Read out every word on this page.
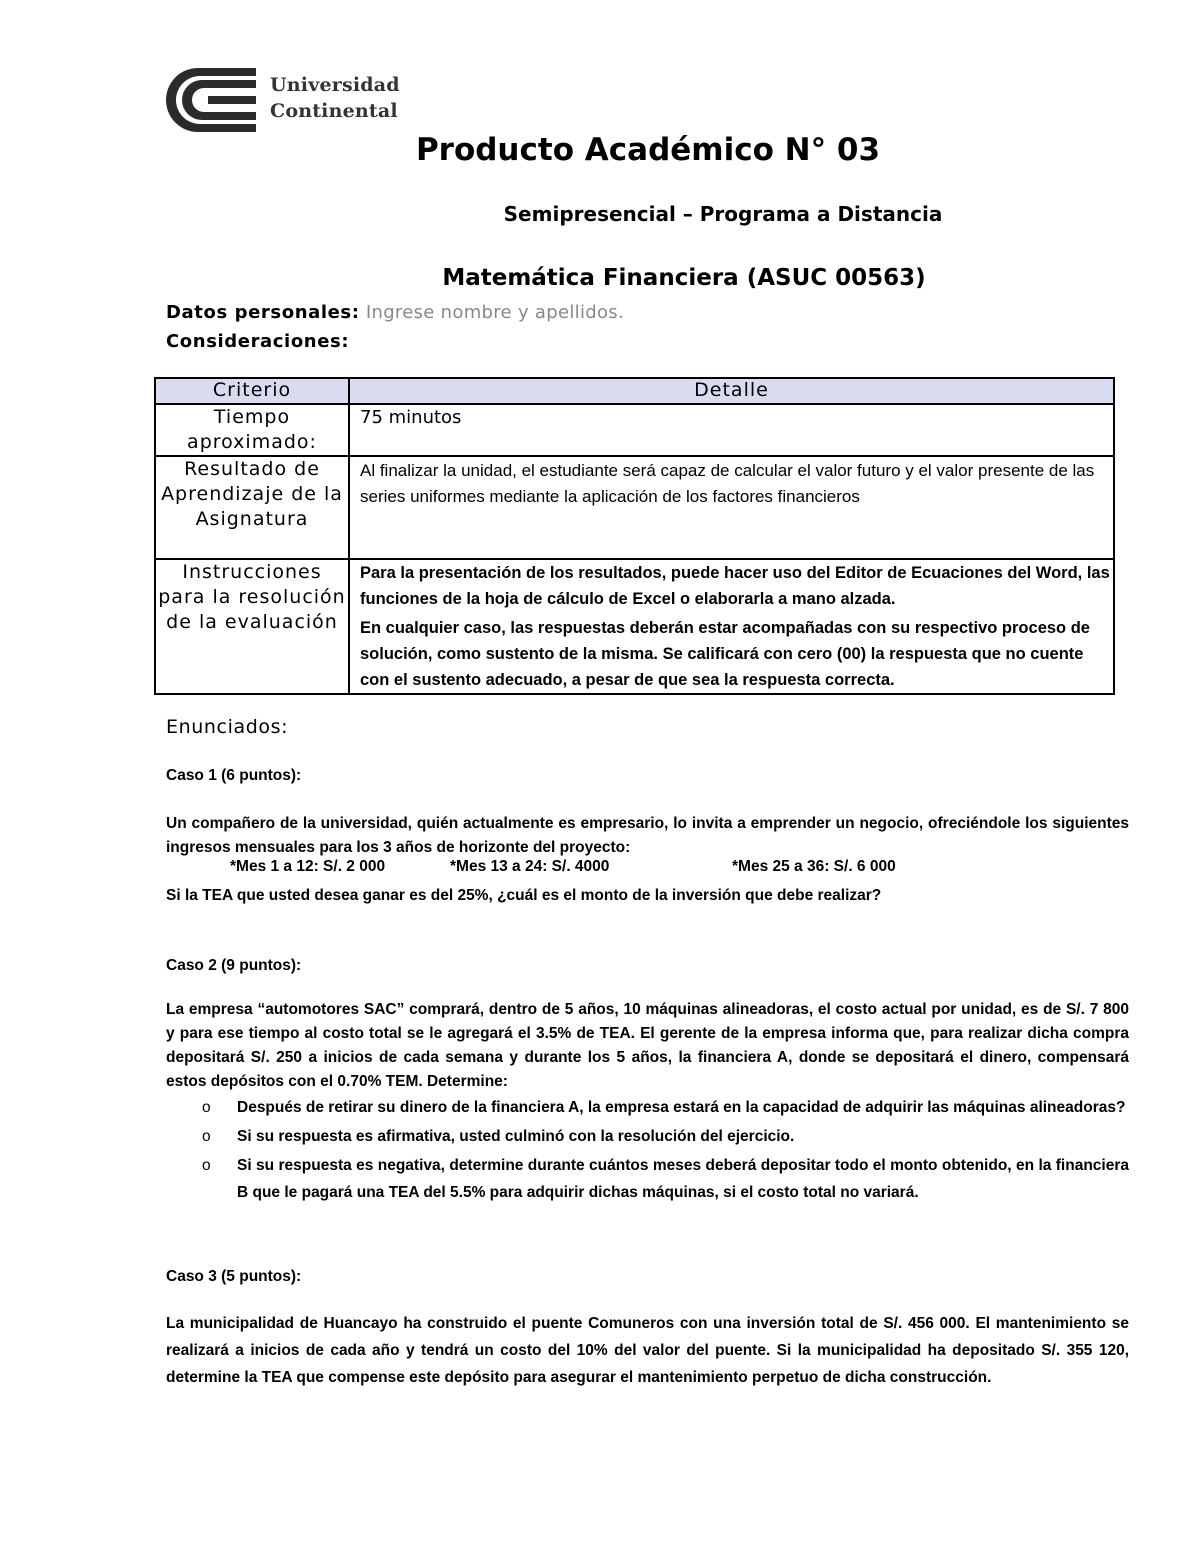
Universidad
Continental
Producto Académico N° 03
Semipresencial – Programa a Distancia
Matemática Financiera (ASUC 00563)
Datos personales: Ingrese nombre y apellidos.
Consideraciones:
Criterio	Detalle
Tiempo aproximado:	75 minutos
Resultado de Aprendizaje de la Asignatura	Al finalizar la unidad, el estudiante será capaz de calcular el valor futuro y el valor presente de las series uniformes mediante la aplicación de los factores financieros
Instrucciones para la resolución de la evaluación	Para la presentación de los resultados, puede hacer uso del Editor de Ecuaciones del Word, las funciones de la hoja de cálculo de Excel o elaborarla a mano alzada.
En cualquier caso, las respuestas deberán estar acompañadas con su respectivo proceso de solución, como sustento de la misma. Se calificará con cero (00) la respuesta que no cuente con el sustento adecuado, a pesar de que sea la respuesta correcta.
Enunciados:
Caso 1 (6 puntos):
Un compañero de la universidad, quién actualmente es empresario, lo invita a emprender un negocio, ofreciéndole los siguientes ingresos mensuales para los 3 años de horizonte del proyecto:
*Mes 1 a 12: S/. 2 000	*Mes 13 a 24: S/. 4000	*Mes 25 a 36: S/. 6 000
Si la TEA que usted desea ganar es del 25%, ¿cuál es el monto de la inversión que debe realizar?
Caso 2 (9 puntos):
La empresa “automotores SAC” comprará, dentro de 5 años, 10 máquinas alineadoras, el costo actual por unidad, es de S/. 7 800 y para ese tiempo al costo total se le agregará el 3.5% de TEA. El gerente de la empresa informa que, para realizar dicha compra depositará S/. 250 a inicios de cada semana y durante los 5 años, la financiera A, donde se depositará el dinero, compensará estos depósitos con el 0.70% TEM. Determine:
o Después de retirar su dinero de la financiera A, la empresa estará en la capacidad de adquirir las máquinas alineadoras?
o Si su respuesta es afirmativa, usted culminó con la resolución del ejercicio.
o Si su respuesta es negativa, determine durante cuántos meses deberá depositar todo el monto obtenido, en la financiera B que le pagará una TEA del 5.5% para adquirir dichas máquinas, si el costo total no variará.
Caso 3 (5 puntos):
La municipalidad de Huancayo ha construido el puente Comuneros con una inversión total de S/. 456 000. El mantenimiento se realizará a inicios de cada año y tendrá un costo del 10% del valor del puente. Si la municipalidad ha depositado S/. 355 120, determine la TEA que compense este depósito para asegurar el mantenimiento perpetuo de dicha construcción.
